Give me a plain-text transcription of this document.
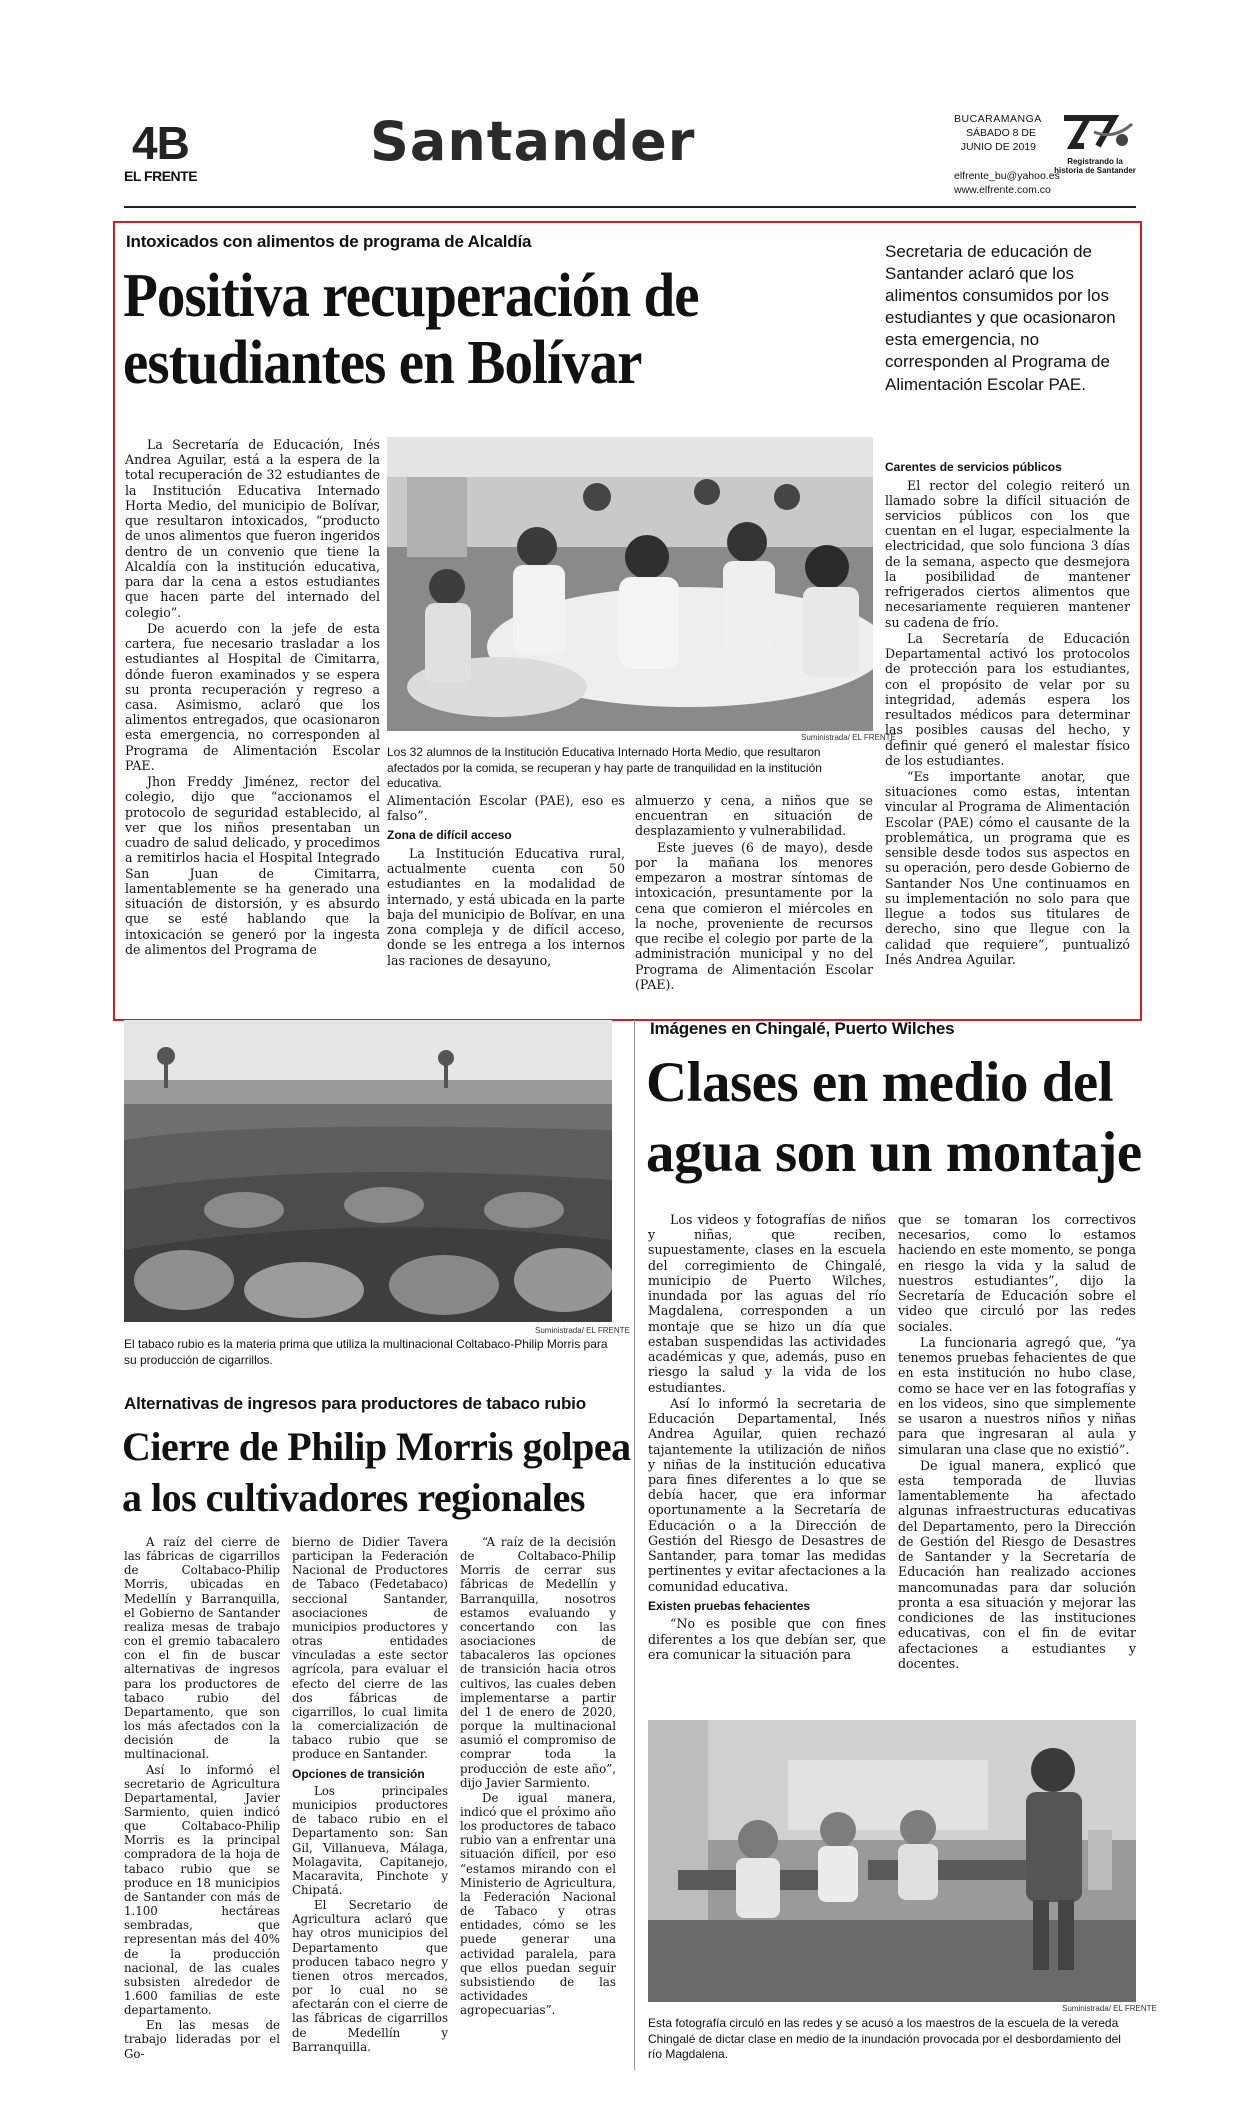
4B
EL FRENTE
Santander	BUCARAMANGA
SÁBADO 8 DE JUNIO DE 2019
elfrente_bu@yahoo.es
www.elfrente.com.co
Registrando la historia de Santander
Intoxicados con alimentos de programa de Alcaldía
Positiva recuperación de estudiantes en Bolívar
Secretaria de educación de Santander aclaró que los alimentos consumidos por los estudiantes y que ocasionaron esta emergencia, no corresponden al Programa de Alimentación Escolar PAE.

La Secretaría de Educación, Inés Andrea Aguilar, está a la espera de la total recuperación de 32 estudiantes de la Institución Educativa Internado Horta Medio, del municipio de Bolívar, que resultaron intoxicados, “producto de unos alimentos que fueron ingeridos dentro de un convenio que tiene la Alcaldía con la institución educativa, para dar la cena a estos estudiantes que hacen parte del internado del colegio”.

De acuerdo con la jefe de esta cartera, fue necesario trasladar a los estudiantes al Hospital de Cimitarra, dónde fueron examinados y se espera su pronta recuperación y regreso a casa. Asimismo, aclaró que los alimentos entregados, que ocasionaron esta emergencia, no corresponden al Programa de Alimentación Escolar PAE.

Jhon Freddy Jiménez, rector del colegio, dijo que “accionamos el protocolo de seguridad establecido, al ver que los niños presentaban un cuadro de salud delicado, y procedimos a remitirlos hacia el Hospital Integrado San Juan de Cimitarra, lamentablemente se ha generado una situación de distorsión, y es absurdo que se esté hablando que la intoxicación se generó por la ingesta de alimentos del Programa de

Suministrada/ EL FRENTE
Los 32 alumnos de la Institución Educativa Internado Horta Medio, que resultaron afectados por la comida, se recuperan y hay parte de tranquilidad en la institución educativa.

Alimentación Escolar (PAE), eso es falso”.

Zona de difícil acceso

La Institución Educativa rural, actualmente cuenta con 50 estudiantes en la modalidad de internado, y está ubicada en la parte baja del municipio de Bolívar, en una zona compleja y de difícil acceso, donde se les entrega a los internos las raciones de desayuno,

almuerzo y cena, a niños que se encuentran en situación de desplazamiento y vulnerabilidad.

Este jueves (6 de mayo), desde por la mañana los menores empezaron a mostrar síntomas de intoxicación, presuntamente por la cena que comieron el miércoles en la noche, proveniente de recursos que recibe el colegio por parte de la administración municipal y no del Programa de Alimentación Escolar (PAE).

Carentes de servicios públicos

El rector del colegio reiteró un llamado sobre la difícil situación de servicios públicos con los que cuentan en el lugar, especialmente la electricidad, que solo funciona 3 días de la semana, aspecto que desmejora la posibilidad de mantener refrigerados ciertos alimentos que necesariamente requieren mantener su cadena de frío.

La Secretaría de Educación Departamental activó los protocolos de protección para los estudiantes, con el propósito de velar por su integridad, además espera los resultados médicos para determinar las posibles causas del hecho, y definir qué generó el malestar físico de los estudiantes.

“Es importante anotar, que situaciones como estas, intentan vincular al Programa de Alimentación Escolar (PAE) cómo el causante de la problemática, un programa que es sensible desde todos sus aspectos en su operación, pero desde Gobierno de Santander Nos Une continuamos en su implementación no solo para que llegue a todos sus titulares de derecho, sino que llegue con la calidad que requiere”, puntualizó Inés Andrea Aguilar.

Suministrada/ EL FRENTE
El tabaco rubio es la materia prima que utiliza la multinacional Coltabaco-Philip Morris para su producción de cigarrillos.
Alternativas de ingresos para productores de tabaco rubio
Cierre de Philip Morris golpea a los cultivadores regionales

A raíz del cierre de las fábricas de cigarrillos de Coltabaco-Philip Morris, ubicadas en Medellín y Barranquilla, el Gobierno de Santander realiza mesas de trabajo con el gremio tabacalero con el fin de buscar alternativas de ingresos para los productores de tabaco rubio del Departamento, que son los más afectados con la decisión de la multinacional.

Así lo informó el secretario de Agricultura Departamental, Javier Sarmiento, quien indicó que Coltabaco-Philip Morris es la principal compradora de la hoja de tabaco rubio que se produce en 18 municipios de Santander con más de 1.100 hectáreas sembradas, que representan más del 40% de la producción nacional, de las cuales subsisten alrededor de 1.600 familias de este departamento.

En las mesas de trabajo lideradas por el Go-

bierno de Didier Tavera participan la Federación Nacional de Productores de Tabaco (Fedetabaco) seccional Santander, asociaciones de municipios productores y otras entidades vinculadas a este sector agrícola, para evaluar el efecto del cierre de las dos fábricas de cigarrillos, lo cual limita la comercialización de tabaco rubio que se produce en Santander.

Opciones de transición

Los principales municipios productores de tabaco rubio en el Departamento son: San Gil, Villanueva, Málaga, Molagavita, Capitanejo, Macaravita, Pinchote y Chipatá.

El Secretario de Agricultura aclaró que hay otros municipios del Departamento que producen tabaco negro y tienen otros mercados, por lo cual no se afectarán con el cierre de las fábricas de cigarrillos de Medellín y Barranquilla.

“A raíz de la decisión de Coltabaco-Philip Morris de cerrar sus fábricas de Medellín y Barranquilla, nosotros estamos evaluando y concertando con las asociaciones de tabacaleros las opciones de transición hacia otros cultivos, las cuales deben implementarse a partir del 1 de enero de 2020, porque la multinacional asumió el compromiso de comprar toda la producción de este año”, dijo Javier Sarmiento.

De igual manera, indicó que el próximo año los productores de tabaco rubio van a enfrentar una situación difícil, por eso “estamos mirando con el Ministerio de Agricultura, la Federación Nacional de Tabaco y otras entidades, cómo se les puede generar una actividad paralela, para que ellos puedan seguir subsistiendo de las actividades agropecuarias”.

Imágenes en Chingalé, Puerto Wilches
Clases en medio del agua son un montaje

Los videos y fotografías de niños y niñas, que reciben, supuestamente, clases en la escuela del corregimiento de Chingalé, municipio de Puerto Wilches, inundada por las aguas del río Magdalena, corresponden a un montaje que se hizo un día que estaban suspendidas las actividades académicas y que, además, puso en riesgo la salud y la vida de los estudiantes.

Así lo informó la secretaria de Educación Departamental, Inés Andrea Aguilar, quien rechazó tajantemente la utilización de niños y niñas de la institución educativa para fines diferentes a lo que se debía hacer, que era informar oportunamente a la Secretaría de Educación o a la Dirección de Gestión del Riesgo de Desastres de Santander, para tomar las medidas pertinentes y evitar afectaciones a la comunidad educativa.

Existen pruebas fehacientes

“No es posible que con fines diferentes a los que debían ser, que era comunicar la situación para

que se tomaran los correctivos necesarios, como lo estamos haciendo en este momento, se ponga en riesgo la vida y la salud de nuestros estudiantes”, dijo la Secretaría de Educación sobre el video que circuló por las redes sociales.

La funcionaria agregó que, “ya tenemos pruebas fehacientes de que en esta institución no hubo clase, como se hace ver en las fotografías y en los videos, sino que simplemente se usaron a nuestros niños y niñas para que ingresaran al aula y simularan una clase que no existió”.

De igual manera, explicó que esta temporada de lluvias lamentablemente ha afectado algunas infraestructuras educativas del Departamento, pero la Dirección de Gestión del Riesgo de Desastres de Santander y la Secretaría de Educación han realizado acciones mancomunadas para dar solución pronta a esa situación y mejorar las condiciones de las instituciones educativas, con el fin de evitar afectaciones a estudiantes y docentes.

Suministrada/ EL FRENTE
Esta fotografía circuló en las redes y se acusó a los maestros de la escuela de la vereda Chingalé de dictar clase en medio de la inundación provocada por el desbordamiento del río Magdalena.
